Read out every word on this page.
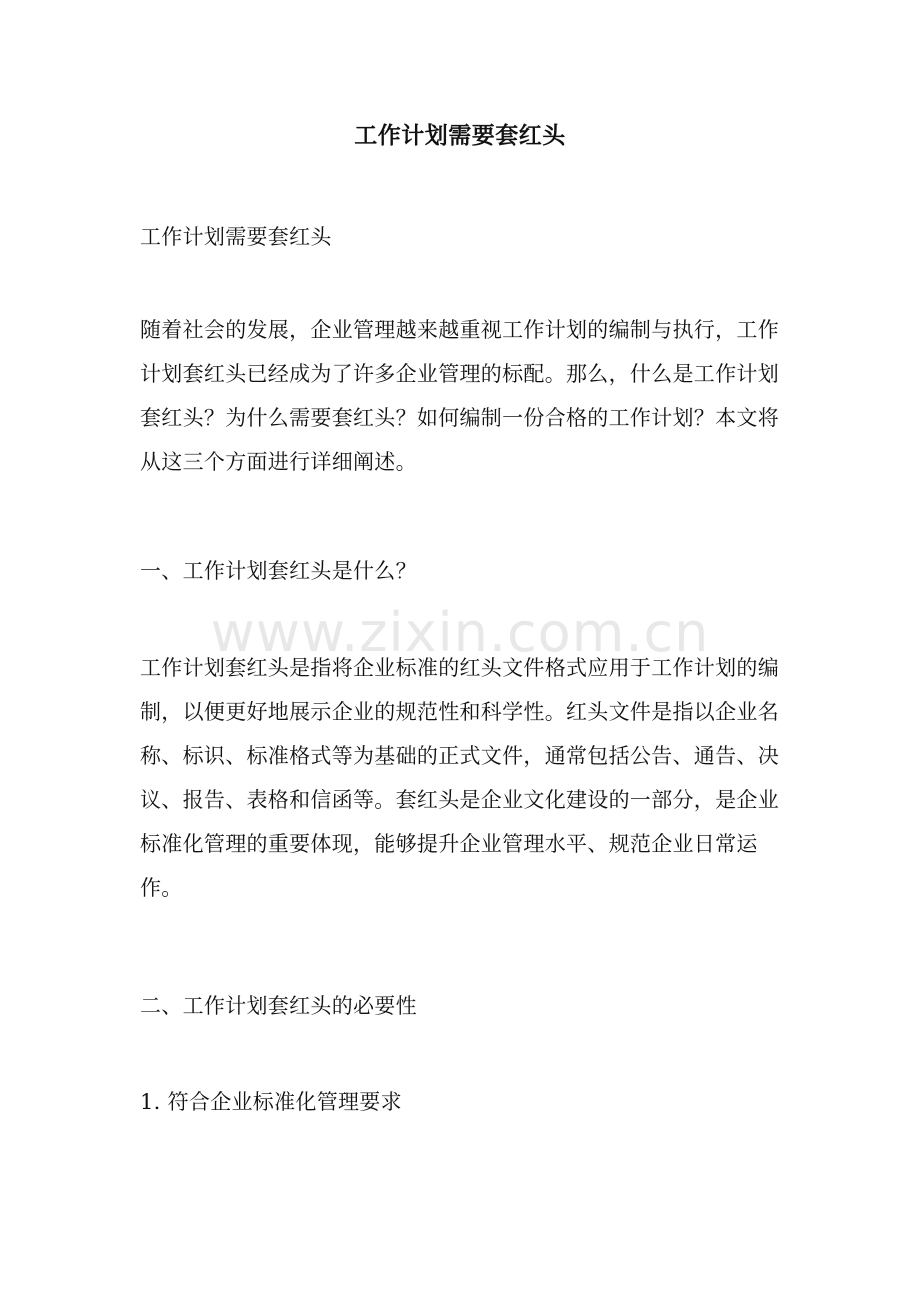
工作计划需要套红头

工作计划需要套红头

随着社会的发展，企业管理越来越重视工作计划的编制与执行，工作计划套红头已经成为了许多企业管理的标配。那么，什么是工作计划套红头？为什么需要套红头？如何编制一份合格的工作计划？本文将从这三个方面进行详细阐述。

一、工作计划套红头是什么？

工作计划套红头是指将企业标准的红头文件格式应用于工作计划的编制，以便更好地展示企业的规范性和科学性。红头文件是指以企业名称、标识、标准格式等为基础的正式文件，通常包括公告、通告、决议、报告、表格和信函等。套红头是企业文化建设的一部分，是企业标准化管理的重要体现，能够提升企业管理水平、规范企业日常运作。

二、工作计划套红头的必要性

1. 符合企业标准化管理要求

www.zixin.com.cn
